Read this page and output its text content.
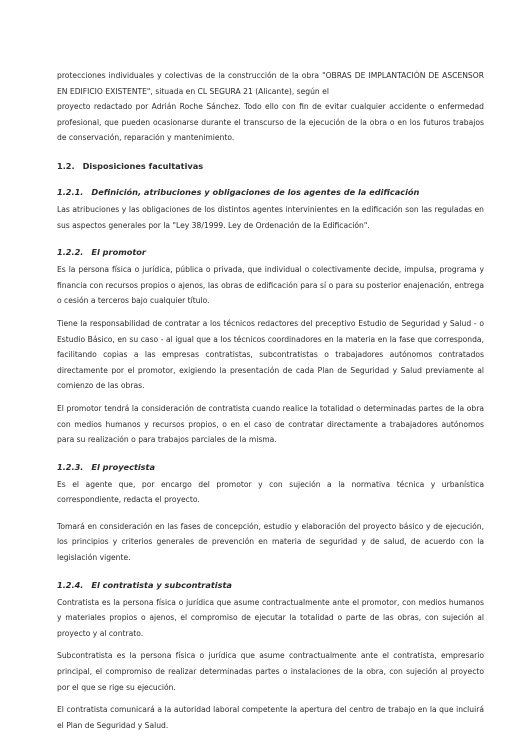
protecciones individuales y colectivas de la construcción de la obra "OBRAS DE IMPLANTACIÓN DE ASCENSOR EN EDIFICIO EXISTENTE", situada en CL SEGURA 21 (Alicante), según el

proyecto redactado por Adrián Roche Sánchez. Todo ello con fin de evitar cualquier accidente o enfermedad profesional, que pueden ocasionarse durante el transcurso de la ejecución de la obra o en los futuros trabajos de conservación, reparación y mantenimiento.

1.2. Disposiciones facultativas
1.2.1. Definición, atribuciones y obligaciones de los agentes de la edificación

Las atribuciones y las obligaciones de los distintos agentes intervinientes en la edificación son las reguladas en sus aspectos generales por la "Ley 38/1999. Ley de Ordenación de la Edificación".

1.2.2. El promotor

Es la persona física o jurídica, pública o privada, que individual o colectivamente decide, impulsa, programa y financia con recursos propios o ajenos, las obras de edificación para sí o para su posterior enajenación, entrega o cesión a terceros bajo cualquier título.

Tiene la responsabilidad de contratar a los técnicos redactores del preceptivo Estudio de Seguridad y Salud - o Estudio Básico, en su caso - al igual que a los técnicos coordinadores en la materia en la fase que corresponda, facilitando copias a las empresas contratistas, subcontratistas o trabajadores autónomos contratados directamente por el promotor, exigiendo la presentación de cada Plan de Seguridad y Salud previamente al comienzo de las obras.

El promotor tendrá la consideración de contratista cuando realice la totalidad o determinadas partes de la obra con medios humanos y recursos propios, o en el caso de contratar directamente a trabajadores autónomos para su realización o para trabajos parciales de la misma.

1.2.3. El proyectista

Es el agente que, por encargo del promotor y con sujeción a la normativa técnica y urbanística correspondiente, redacta el proyecto.

Tomará en consideración en las fases de concepción, estudio y elaboración del proyecto básico y de ejecución, los principios y criterios generales de prevención en materia de seguridad y de salud, de acuerdo con la legislación vigente.

1.2.4. El contratista y subcontratista

Contratista es la persona física o jurídica que asume contractualmente ante el promotor, con medios humanos y materiales propios o ajenos, el compromiso de ejecutar la totalidad o parte de las obras, con sujeción al proyecto y al contrato.

Subcontratista es la persona física o jurídica que asume contractualmente ante el contratista, empresario principal, el compromiso de realizar determinadas partes o instalaciones de la obra, con sujeción al proyecto por el que se rige su ejecución.

El contratista comunicará a la autoridad laboral competente la apertura del centro de trabajo en la que incluirá el Plan de Seguridad y Salud.
